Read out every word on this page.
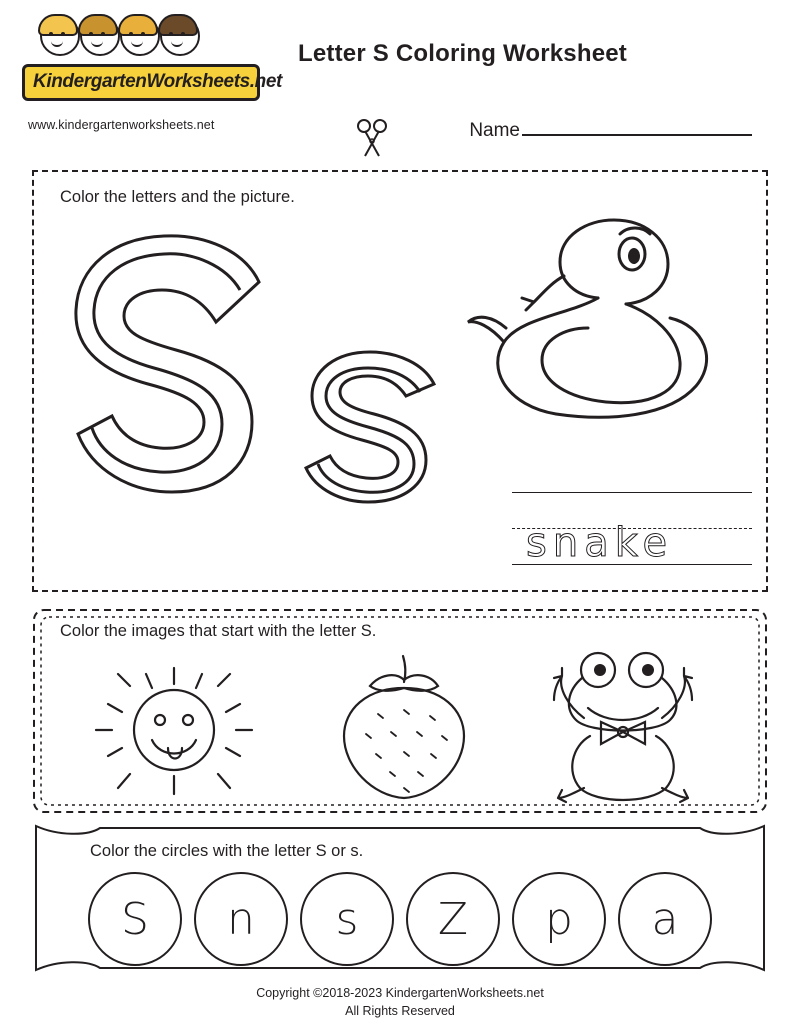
KindergartenWorksheets.net
www.kindergartenworksheets.net
Letter S Coloring Worksheet
Name
Color the letters and the picture.
snake
Color the images that start with the letter S.
Color the circles with the letter S or s.
S	n	s	Z	p	a
Copyright ©2018-2023 KindergartenWorksheets.net
All Rights Reserved
